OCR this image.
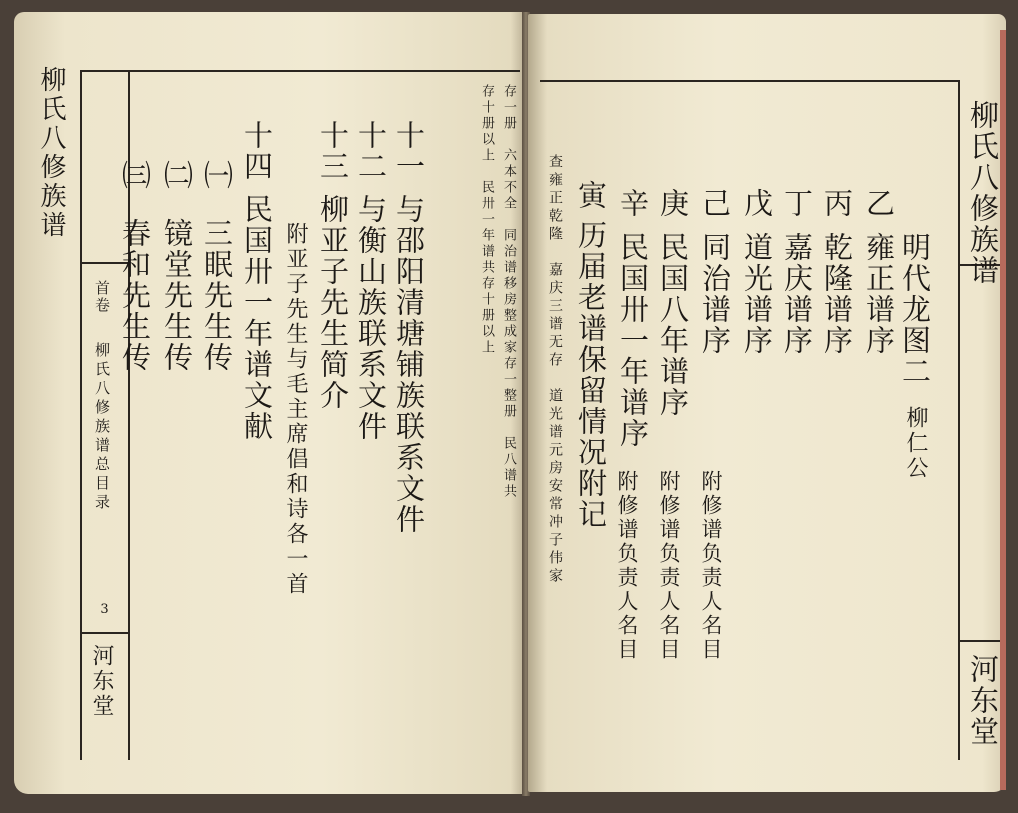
柳氏八修族谱
首卷
柳氏八修族谱总目录
3
河东堂
存一册　六本不全　同治谱移房整成家存一整册　民八谱共
存十册以上　民卅一年谱共存十册以上
十一
与邵阳清塘铺族联系文件
十二
与衡山族联系文件
十三
柳亚子先生简介
附亚子先生与毛主席倡和诗各一首
十四
民国卅一年谱文献
㈠
三眠先生传
㈡
镜堂先生传
㈢
春和先生传
柳氏八修族谱
河东堂
明代龙图二
柳仁公
乙
雍正谱序
丙
乾隆谱序
丁
嘉庆谱序
戊
道光谱序
己
同治谱序
庚
民国八年谱序
附修谱负责人名目
辛
民国卅一年谱序
附修谱负责人名目
寅
历届老谱保留情况附记
附修谱负责人名目
查雍正乾隆　嘉庆三谱无存　道光谱元房安常冲子伟家
